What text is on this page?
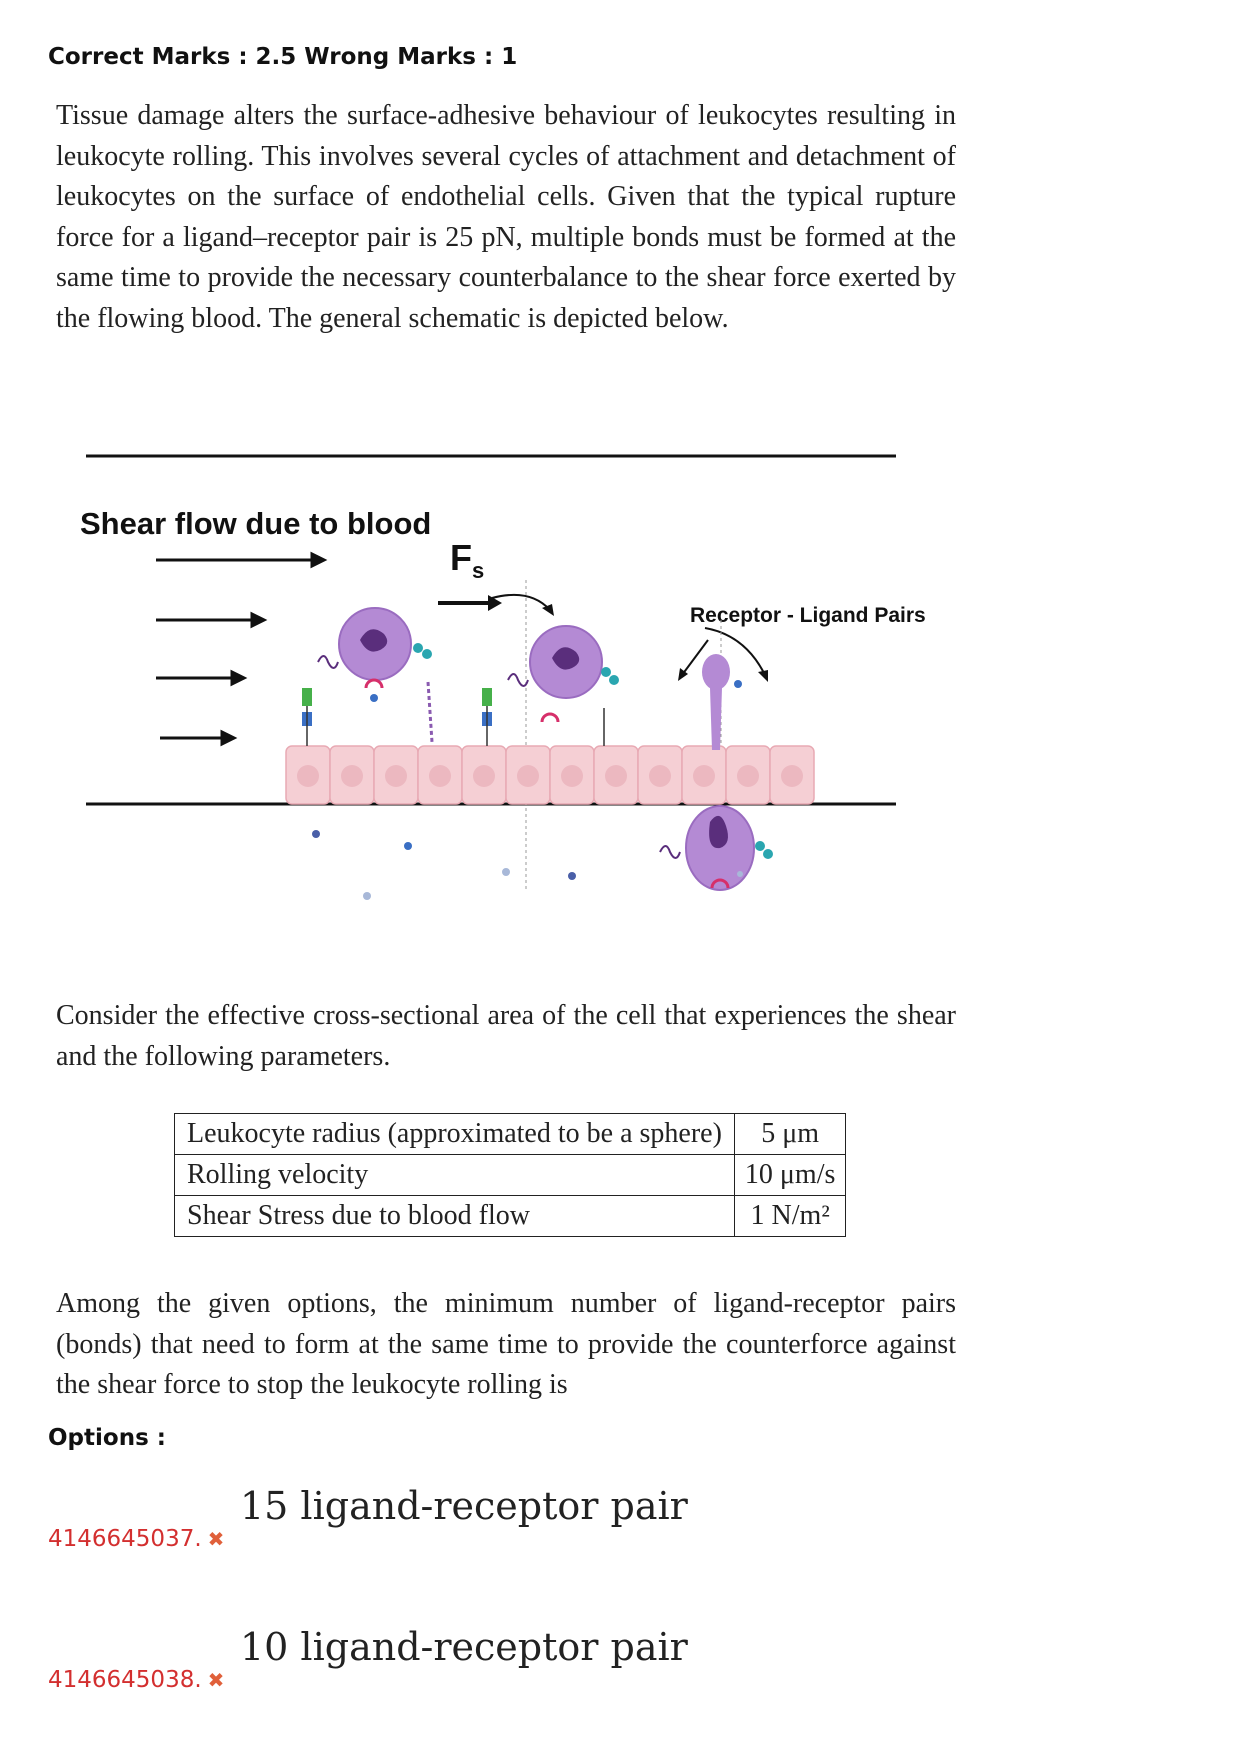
Correct Marks : 2.5 Wrong Marks : 1
Tissue damage alters the surface-adhesive behaviour of leukocytes resulting in leukocyte rolling. This involves several cycles of attachment and detachment of leukocytes on the surface of endothelial cells. Given that the typical rupture force for a ligand–receptor pair is 25 pN, multiple bonds must be formed at the same time to provide the necessary counterbalance to the shear force exerted by the flowing blood. The general schematic is depicted below.
Shear flow due to blood
$F_s$
Receptor - Ligand Pairs
Consider the effective cross-sectional area of the cell that experiences the shear and the following parameters.
Leukocyte radius (approximated to be a sphere)	5 μm
Rolling velocity	10 μm/s
Shear Stress due to blood flow	1 N/m²
Among the given options, the minimum number of ligand-receptor pairs (bonds) that need to form at the same time to provide the counterforce against the shear force to stop the leukocyte rolling is
Options :
4146645037. ✖
15 ligand-receptor pair
4146645038. ✖
10 ligand-receptor pair
